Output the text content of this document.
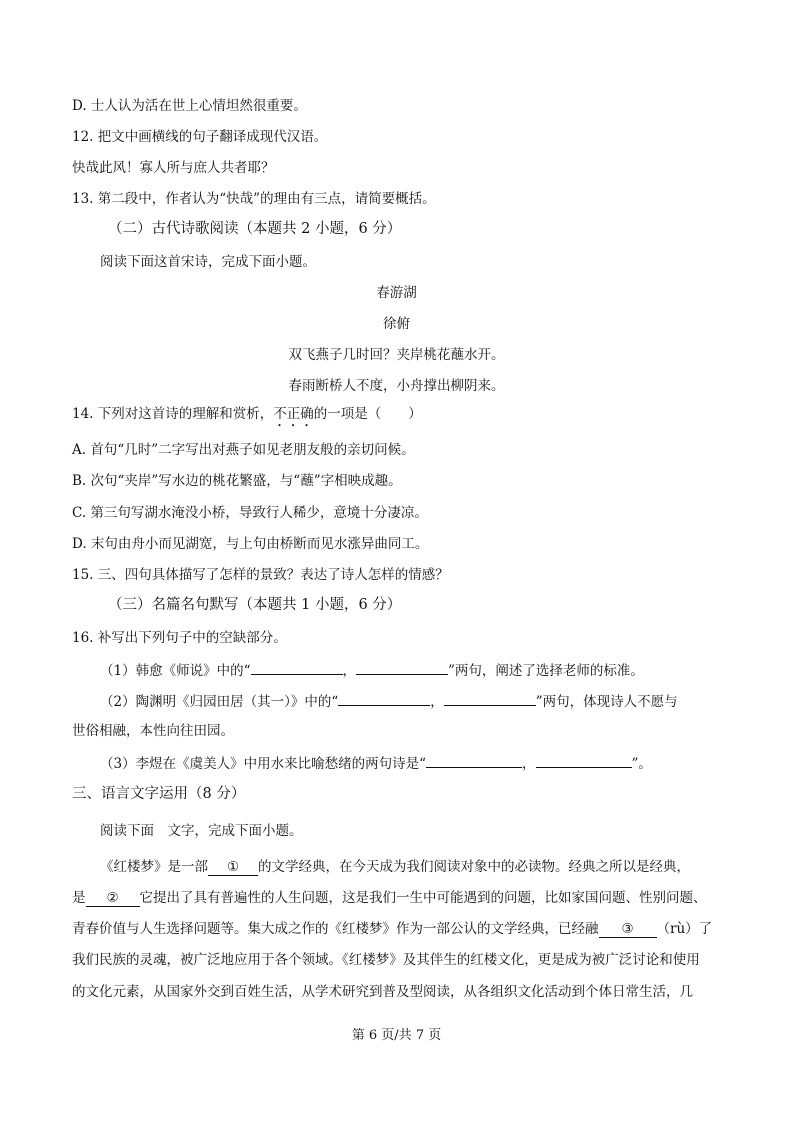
D. 士人认为活在世上心情坦然很重要。
12. 把文中画横线的句子翻译成现代汉语。
快哉此风！寡人所与庶人共者耶？
13. 第二段中，作者认为“快哉”的理由有三点，请简要概括。
（二）古代诗歌阅读（本题共 2 小题，6 分）
阅读下面这首宋诗，完成下面小题。
春游湖
徐俯
双飞燕子几时回？夹岸桃花蘸水开。
春雨断桥人不度，小舟撑出柳阴来。
14. 下列对这首诗的理解和赏析，不正确的一项是（　　）
A. 首句“几时”二字写出对燕子如见老朋友般的亲切问候。
B. 次句“夹岸”写水边的桃花繁盛，与“蘸”字相映成趣。
C. 第三句写湖水淹没小桥，导致行人稀少，意境十分凄凉。
D. 末句由舟小而见湖宽，与上句由桥断而见水涨异曲同工。
15. 三、四句具体描写了怎样的景致？表达了诗人怎样的情感？
（三）名篇名句默写（本题共 1 小题，6 分）
16. 补写出下列句子中的空缺部分。
（1）韩愈《师说》中的“	，	”两句，阐述了选择老师的标准。
（2）陶渊明《归园田居（其一）》中的“	，	”两句，体现诗人不愿与
世俗相融，本性向往田园。
（3）李煜在《虞美人》中用水来比喻愁绪的两句诗是“	，	”。
三、语言文字运用（8 分）
阅读下面　文字，完成下面小题。
《红楼梦》是一部 ① 的文学经典，在今天成为我们阅读对象中的必读物。经典之所以是经典，
是 ② 它提出了具有普遍性的人生问题，这是我们一生中可能遇到的问题，比如家国问题、性别问题、
青春价值与人生选择问题等。集大成之作的《红楼梦》作为一部公认的文学经典，已经融 ③ （rù）了
我们民族的灵魂，被广泛地应用于各个领域。《红楼梦》及其伴生的红楼文化，更是成为被广泛讨论和使用
的文化元素，从国家外交到百姓生活，从学术研究到普及型阅读，从各组织文化活动到个体日常生活，几
第 6 页/共 7 页
